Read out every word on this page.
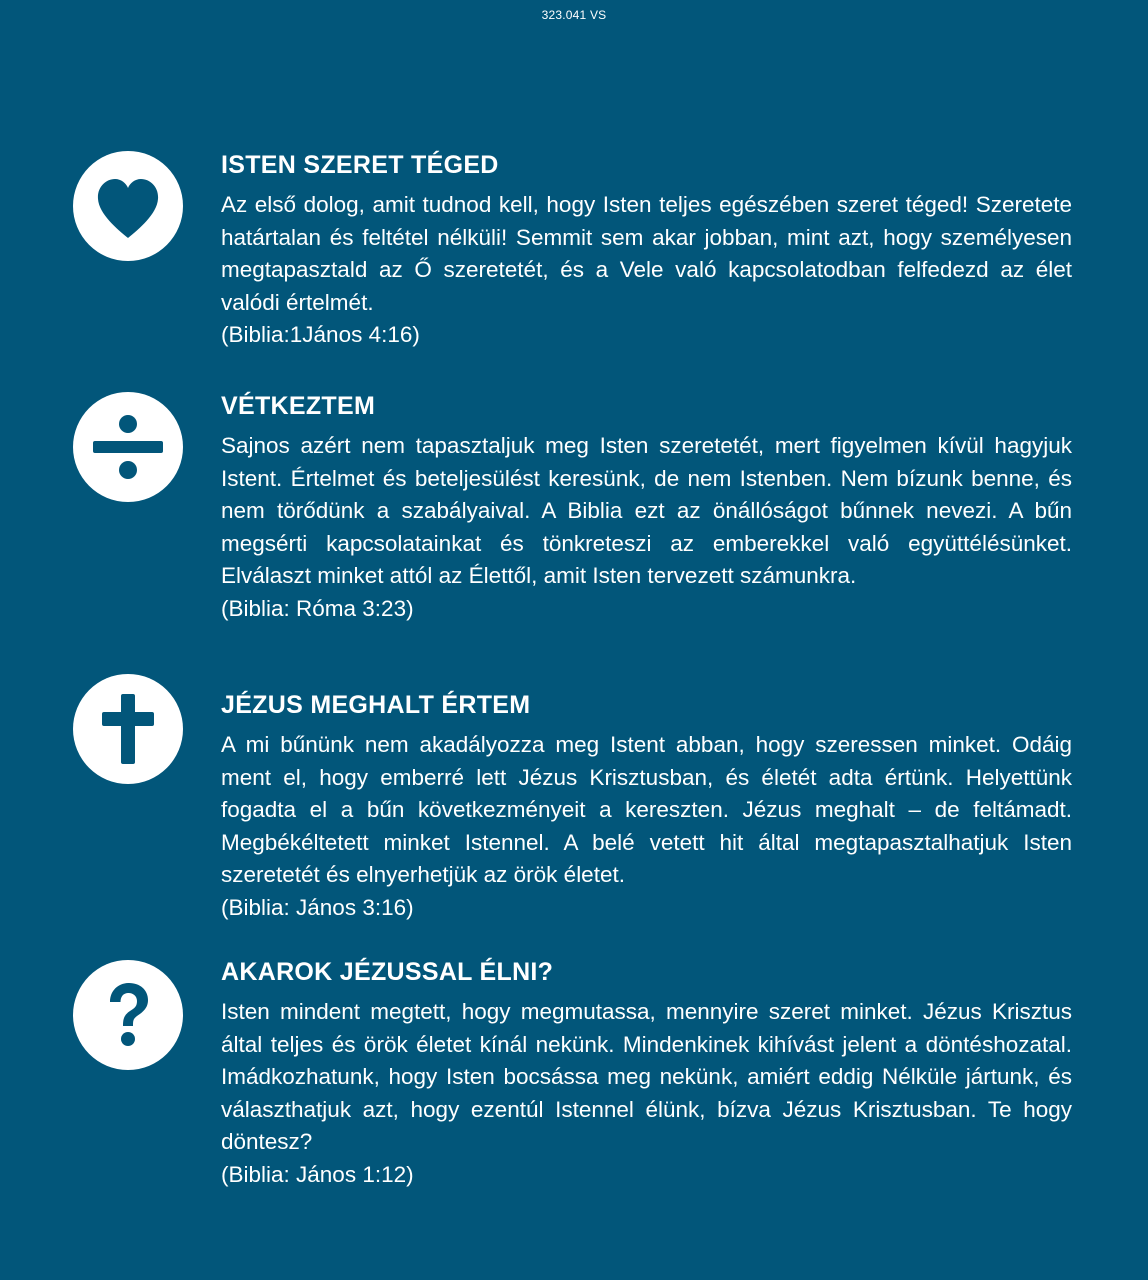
323.041 VS
ISTEN SZERET TÉGED

Az első dolog, amit tudnod kell, hogy Isten teljes egészében szeret téged! Szeretete határtalan és feltétel nélküli! Semmit sem akar jobban, mint azt, hogy személyesen megtapasztald az Ő szeretetét, és a Vele való kapcsolatodban felfedezd az élet valódi értelmét.

(Biblia:1János 4:16)

VÉTKEZTEM

Sajnos azért nem tapasztaljuk meg Isten szeretetét, mert figyelmen kívül hagyjuk Istent. Értelmet és beteljesülést keresünk, de nem Istenben. Nem bízunk benne, és nem törődünk a szabályaival. A Biblia ezt az önállóságot bűnnek nevezi. A bűn megsérti kapcsolatainkat és tönkreteszi az emberekkel való együttélésünket. Elválaszt minket attól az Élettől, amit Isten tervezett számunkra.

(Biblia: Róma 3:23)

JÉZUS MEGHALT ÉRTEM

A mi bűnünk nem akadályozza meg Istent abban, hogy szeressen minket. Odáig ment el, hogy emberré lett Jézus Krisztusban, és életét adta értünk. Helyettünk fogadta el a bűn következményeit a kereszten. Jézus meghalt – de feltámadt. Megbékéltetett minket Istennel. A belé vetett hit által megtapasztalhatjuk Isten szeretetét és elnyerhetjük az örök életet.

(Biblia: János 3:16)

AKAROK JÉZUSSAL ÉLNI?

Isten mindent megtett, hogy megmutassa, mennyire szeret minket. Jézus Krisztus által teljes és örök életet kínál nekünk. Mindenkinek kihívást jelent a döntéshozatal. Imádkozhatunk, hogy Isten bocsássa meg nekünk, amiért eddig Nélküle jártunk, és választhatjuk azt, hogy ezentúl Istennel élünk, bízva Jézus Krisztusban. Te hogy döntesz?

(Biblia: János 1:12)
